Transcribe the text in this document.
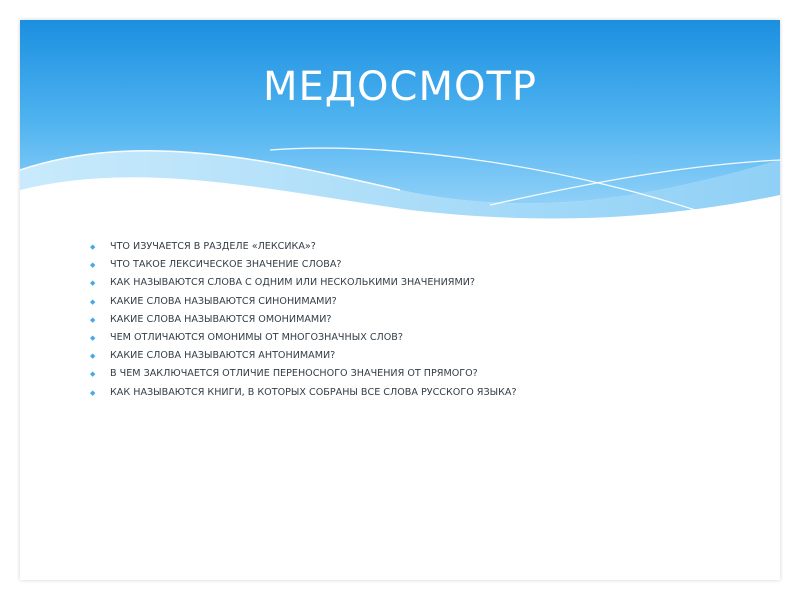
МЕДОСМОТР
◆ ЧТО ИЗУЧАЕТСЯ В РАЗДЕЛЕ «ЛЕКСИКА»?
◆ ЧТО ТАКОЕ ЛЕКСИЧЕСКОЕ ЗНАЧЕНИЕ СЛОВА?
◆ КАК НАЗЫВАЮТСЯ СЛОВА С ОДНИМ ИЛИ НЕСКОЛЬКИМИ ЗНАЧЕНИЯМИ?
◆ КАКИЕ СЛОВА НАЗЫВАЮТСЯ СИНОНИМАМИ?
◆ КАКИЕ СЛОВА НАЗЫВАЮТСЯ ОМОНИМАМИ?
◆ ЧЕМ ОТЛИЧАЮТСЯ ОМОНИМЫ ОТ МНОГОЗНАЧНЫХ СЛОВ?
◆ КАКИЕ СЛОВА НАЗЫВАЮТСЯ АНТОНИМАМИ?
◆ В ЧЕМ ЗАКЛЮЧАЕТСЯ ОТЛИЧИЕ ПЕРЕНОСНОГО ЗНАЧЕНИЯ ОТ ПРЯМОГО?
◆ КАК НАЗЫВАЮТСЯ КНИГИ, В КОТОРЫХ СОБРАНЫ ВСЕ СЛОВА РУССКОГО ЯЗЫКА?
